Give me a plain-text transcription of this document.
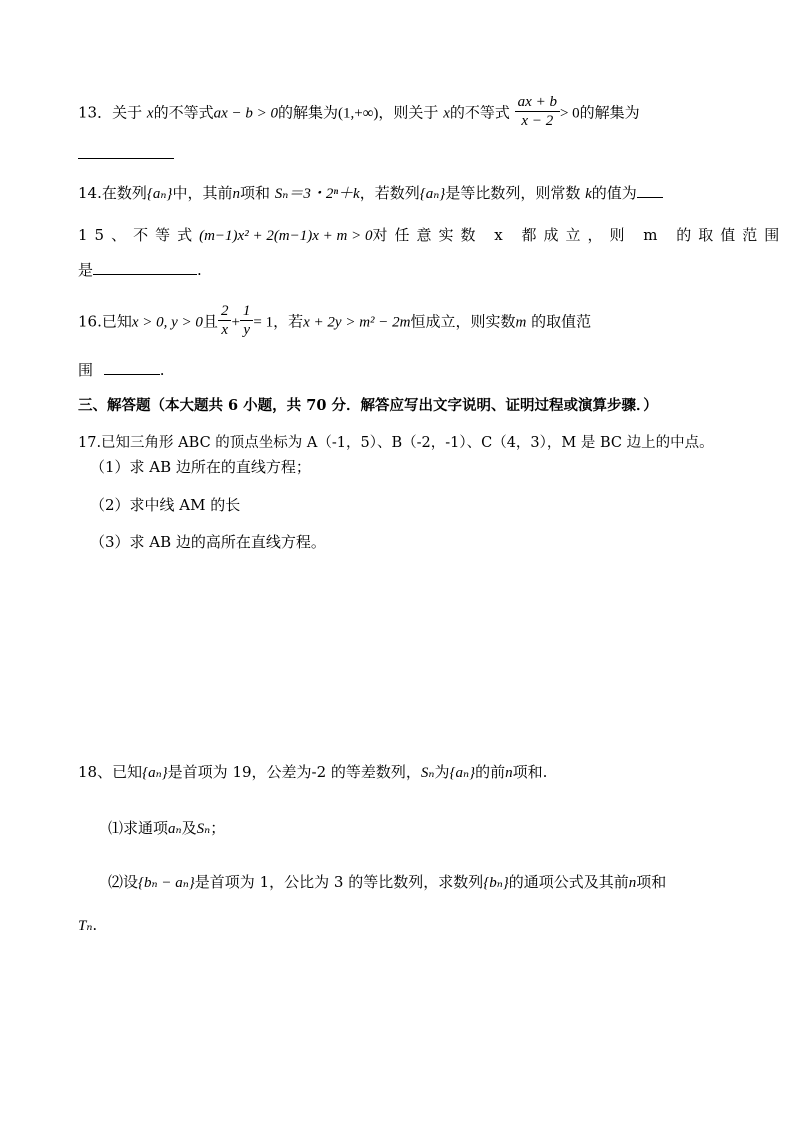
13．关于 x的不等式ax − b > 0的解集为(1,+∞)，则关于 x的不等式 $\frac{ax + b}{x - 2} > 0$的解集为
14.在数列{aₙ}中，其前n项和 Sₙ＝3・2ⁿ＋k，若数列{aₙ}是等比数列，则常数 k的值为
15、不等式(m−1)x² + 2(m−1)x + m > 0对任意实数 x 都成立，则 m 的取值范围
是	.
16.已知x > 0, y > 0且 $\frac{2}{x} + \frac{1}{y} = 1$，若x + 2y > m² − 2m恒成立，则实数m 的取值范
围	.
三、解答题（本大题共 6 小题，共 70 分．解答应写出文字说明、证明过程或演算步骤．）
17.已知三角形 ABC 的顶点坐标为 A（-1，5）、B（-2，-1）、C（4，3），M 是 BC 边上的中点。
（1）求 AB 边所在的直线方程；
（2）求中线 AM 的长
（3）求 AB 边的高所在直线方程。
18、已知{aₙ}是首项为 19，公差为-2 的等差数列，Sₙ为{aₙ}的前n项和.
⑴求通项aₙ及Sₙ；
⑵设{bₙ − aₙ}是首项为 1，公比为 3 的等比数列，求数列{bₙ}的通项公式及其前n项和
Tₙ.
